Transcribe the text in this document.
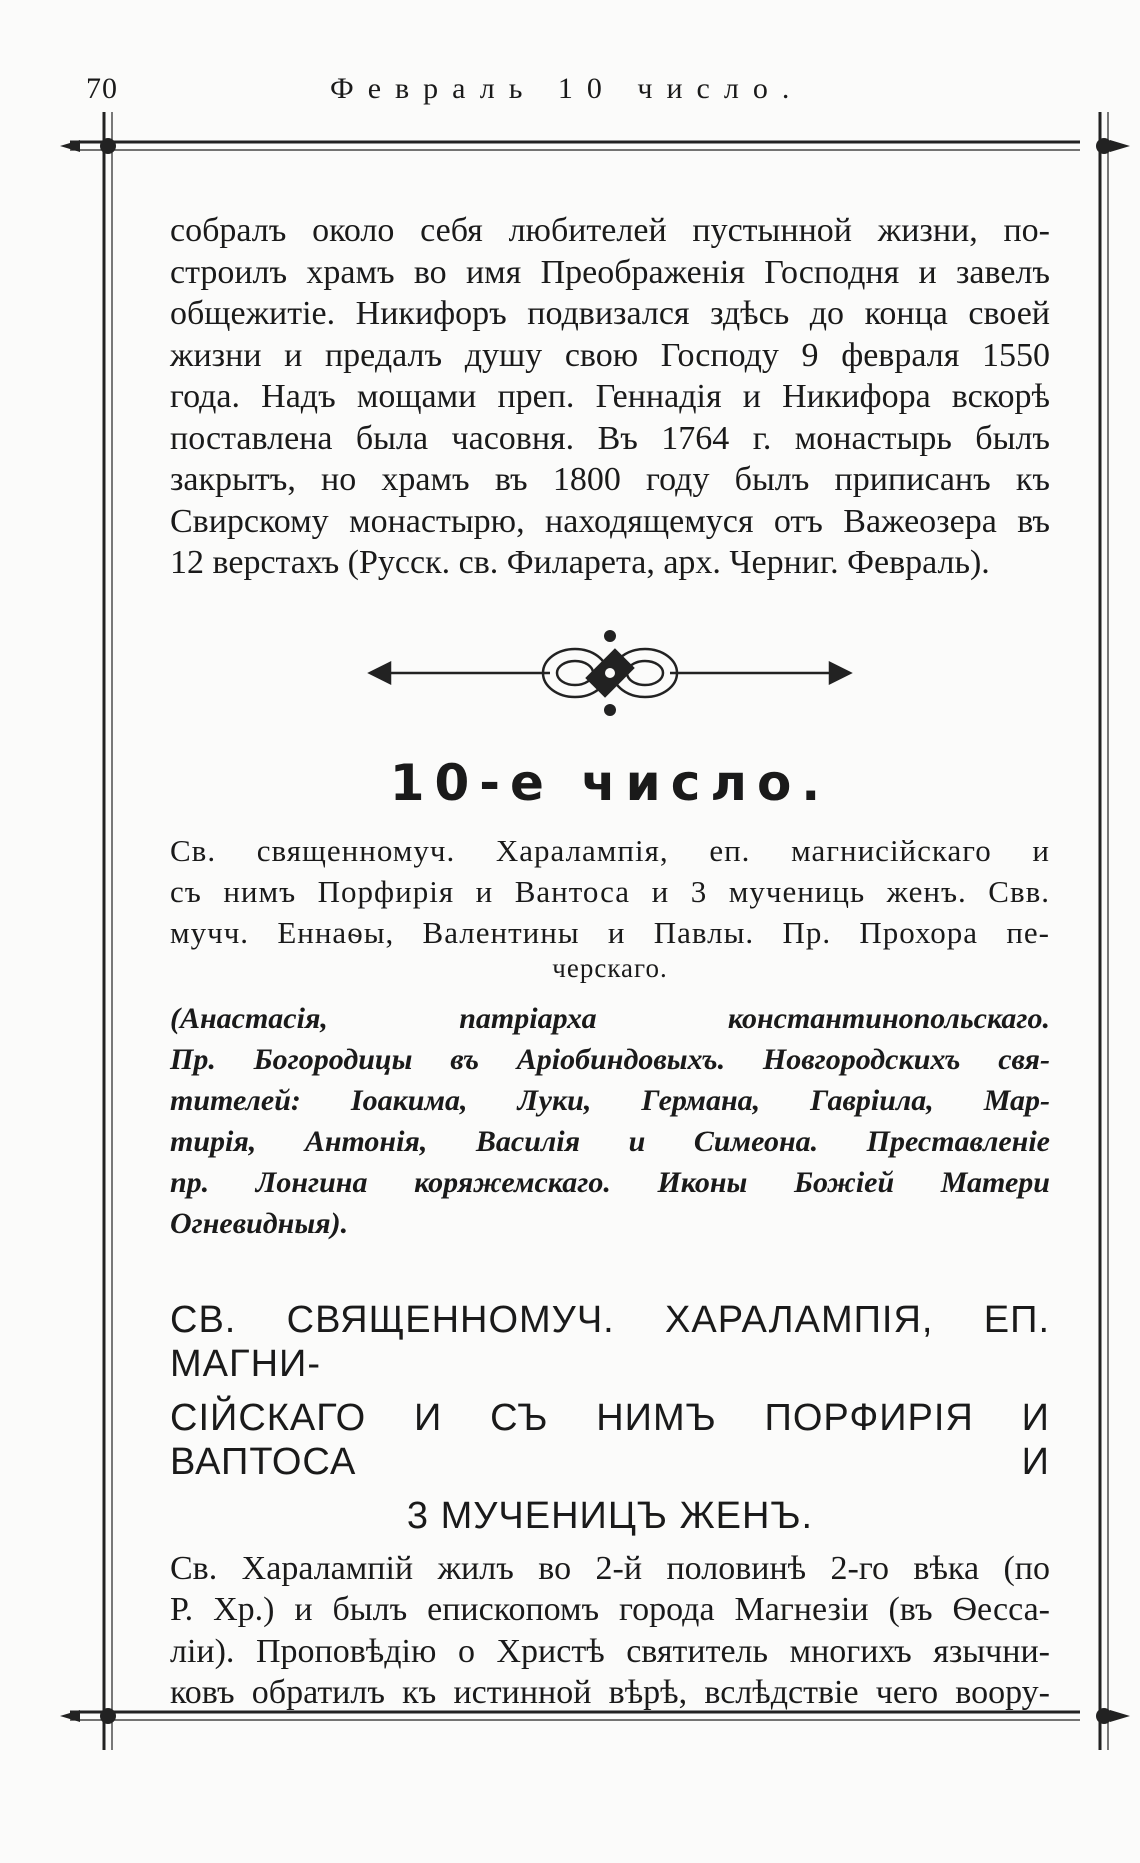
70	Февраль 10 число.

собралъ около себя любителей пустынной жизни, по-

строилъ храмъ во имя Преображенія Господня и завелъ

общежитіе. Никифоръ подвизался здѣсь до конца своей

жизни и предалъ душу свою Господу 9 февраля 1550

года. Надъ мощами преп. Геннадія и Никифора вскорѣ

поставлена была часовня. Въ 1764 г. монастырь былъ

закрытъ, но храмъ въ 1800 году былъ приписанъ къ

Свирскому монастырю, находящемуся отъ Важеозера въ

12 верстахъ (Русск. св. Филарета, арх. Черниг. Февраль).

10-е число.

Св. священномуч. Харалампія, еп. магнисійскаго и

съ нимъ Порфирія и Вантоса и 3 мучениць женъ. Свв.

мучч. Еннаѳы, Валентины и Павлы. Пр. Прохора пе-

черскаго.

(Анастасія, патріарха константинопольскаго.

Пр. Богородицы въ Аріобиндовыхъ. Новгородскихъ свя-

тителей: Іоакима, Луки, Германа, Гавріила, Мар-

тирія, Антонія, Василія и Симеона. Преставленіе

пр. Лонгина коряжемскаго. Иконы Божіей Матери

Огневидныя).

СВ. СВЯЩЕННОМУЧ. ХАРАЛАМПІЯ, ЕП. МАГНИ-
СІЙСКАГО И СЪ НИМЪ ПОРФИРІЯ И ВАПТОСА И
3 МУЧЕНИЦЪ ЖЕНЪ.

Св. Харалампій жилъ во 2-й половинѣ 2-го вѣка (по

Р. Хр.) и былъ епископомъ города Магнезіи (въ Ѳесса-

ліи). Проповѣдію о Христѣ святитель многихъ язычни-

ковъ обратилъ къ истинной вѣрѣ, вслѣдствіе чего воору-
